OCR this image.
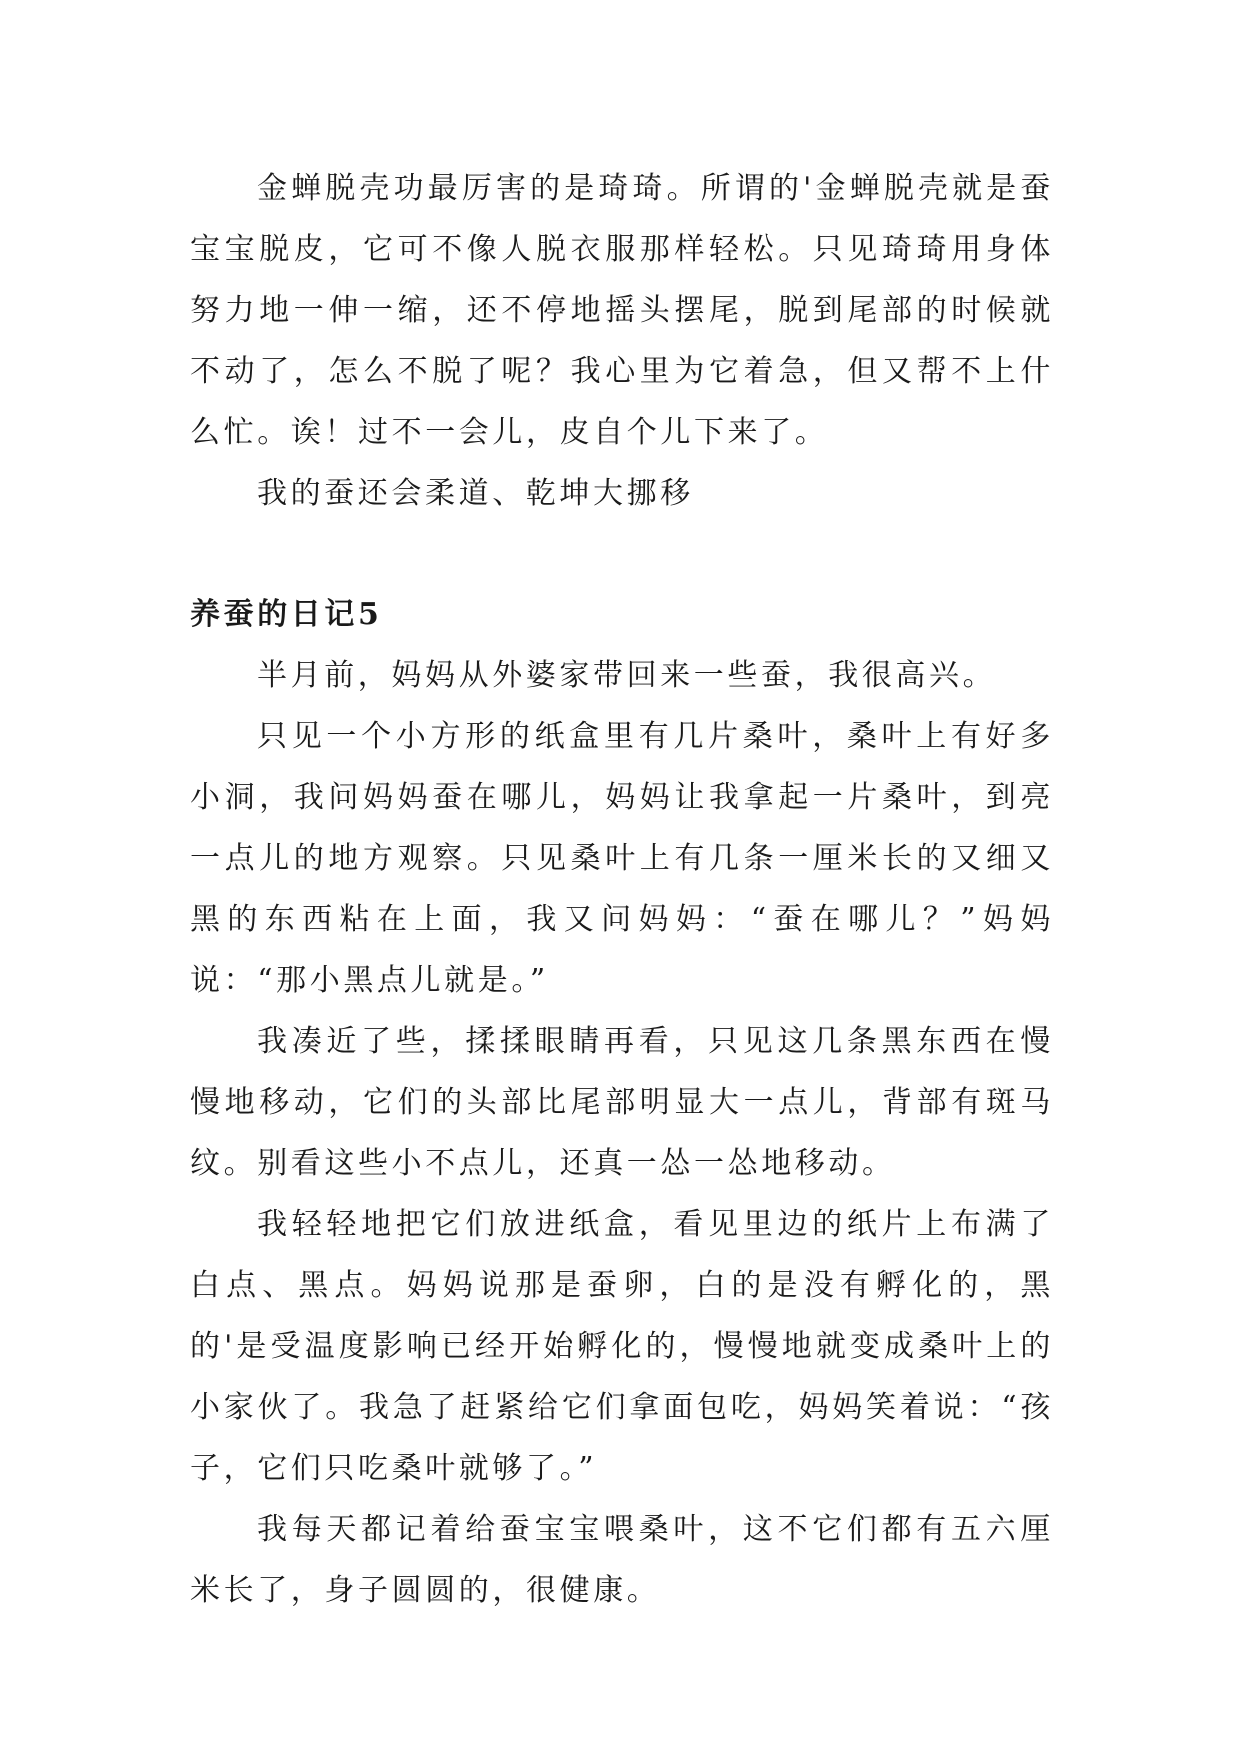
金蝉脱壳功最厉害的是琦琦。所谓的'金蝉脱壳就是蚕宝宝脱皮，它可不像人脱衣服那样轻松。只见琦琦用身体努力地一伸一缩，还不停地摇头摆尾，脱到尾部的时候就不动了，怎么不脱了呢？我心里为它着急，但又帮不上什么忙。诶！过不一会儿，皮自个儿下来了。

我的蚕还会柔道、乾坤大挪移

养蚕的日记5

半月前，妈妈从外婆家带回来一些蚕，我很高兴。

只见一个小方形的纸盒里有几片桑叶，桑叶上有好多小洞，我问妈妈蚕在哪儿，妈妈让我拿起一片桑叶，到亮一点儿的地方观察。只见桑叶上有几条一厘米长的又细又黑的东西粘在上面，我又问妈妈：“蚕在哪儿？”妈妈说：“那小黑点儿就是。”

我凑近了些，揉揉眼睛再看，只见这几条黑东西在慢慢地移动，它们的头部比尾部明显大一点儿，背部有斑马纹。别看这些小不点儿，还真一怂一怂地移动。

我轻轻地把它们放进纸盒，看见里边的纸片上布满了白点、黑点。妈妈说那是蚕卵，白的是没有孵化的，黑的'是受温度影响已经开始孵化的，慢慢地就变成桑叶上的小家伙了。我急了赶紧给它们拿面包吃，妈妈笑着说：“孩子，它们只吃桑叶就够了。”

我每天都记着给蚕宝宝喂桑叶，这不它们都有五六厘米长了，身子圆圆的，很健康。
